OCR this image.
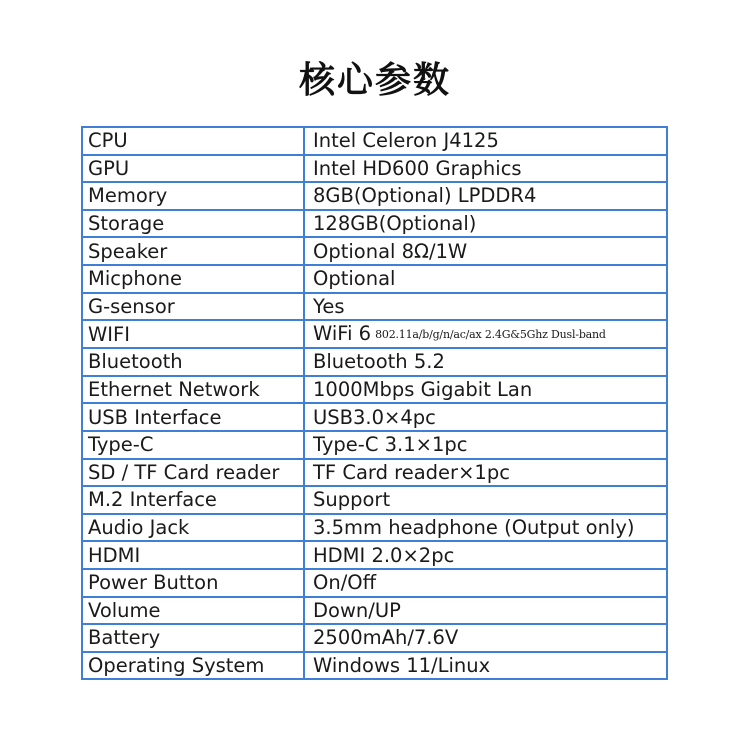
核心参数
CPU	Intel Celeron J4125
GPU	Intel HD600 Graphics
Memory	8GB(Optional) LPDDR4
Storage	128GB(Optional)
Speaker	Optional 8Ω/1W
Micphone	Optional
G-sensor	Yes
WIFI	WiFi 6 802.11a/b/g/n/ac/ax 2.4G&5Ghz Dusl-band
Bluetooth	Bluetooth 5.2
Ethernet Network	1000Mbps Gigabit Lan
USB Interface	USB3.0×4pc
Type-C	Type-C 3.1×1pc
SD / TF Card reader	TF Card reader×1pc
M.2 Interface	Support
Audio Jack	3.5mm headphone (Output only)
HDMI	HDMI 2.0×2pc
Power Button	On/Off
Volume	Down/UP
Battery	2500mAh/7.6V
Operating System	Windows 11/Linux
